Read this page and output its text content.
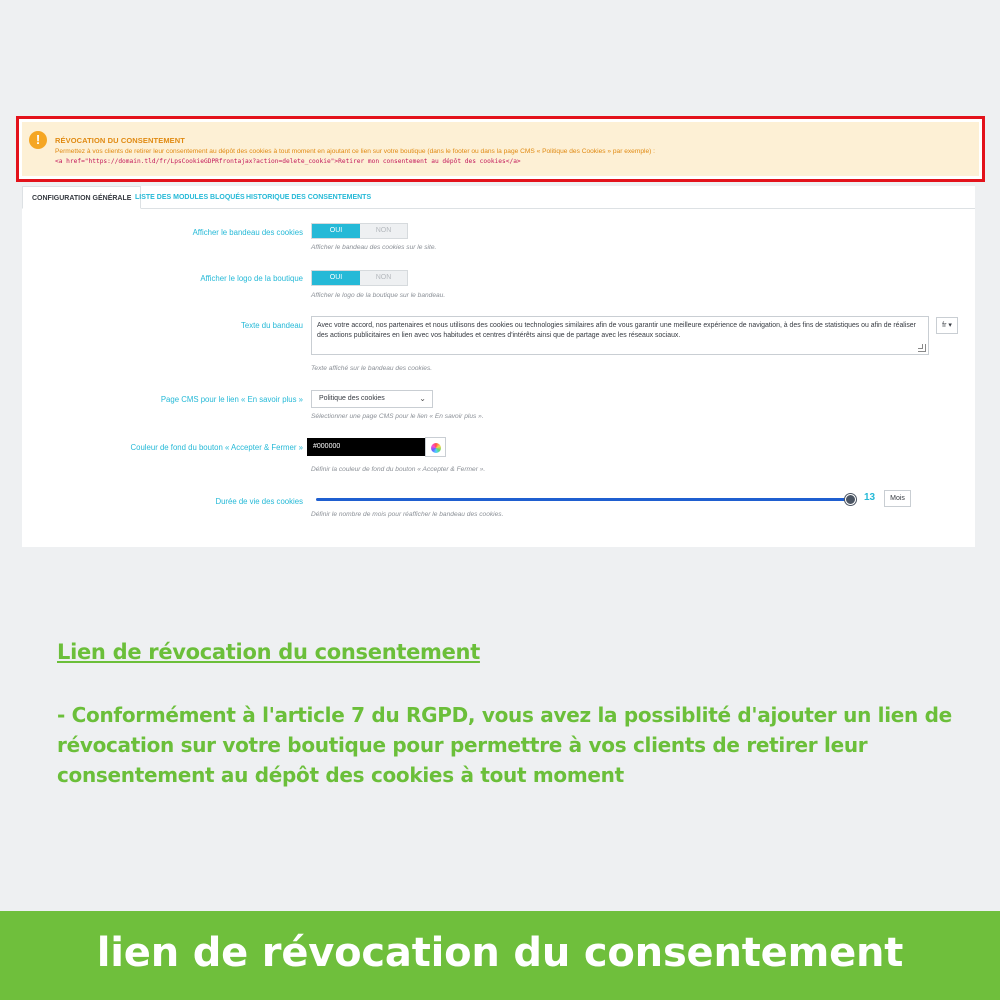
!	RÉVOCATION DU CONSENTEMENT
Permettez à vos clients de retirer leur consentement au dépôt des cookies à tout moment en ajoutant ce lien sur votre boutique (dans le footer ou dans la page CMS « Politique des Cookies » par exemple) :
<a href="https://domain.tld/fr/LpsCookieGDPRfrontajax?action=delete_cookie">Retirer mon consentement au dépôt des cookies</a>
CONFIGURATION GÉNÉRALE LISTE DES MODULES BLOQUÉS HISTORIQUE DES CONSENTEMENTS
Afficher le bandeau des cookies	OUI	NON
Afficher le bandeau des cookies sur le site.
Afficher le logo de la boutique	OUI	NON
Afficher le logo de la boutique sur le bandeau.
Texte du bandeau	Avec votre accord, nos partenaires et nous utilisons des cookies ou technologies similaires afin de vous garantir une meilleure expérience de navigation, à des fins de statistiques ou afin de réaliser des actions publicitaires en lien avec vos habitudes et centres d'intérêts ainsi que de partage avec les réseaux sociaux.
fr ▾
Texte affiché sur le bandeau des cookies.
Page CMS pour le lien « En savoir plus »	Politique des cookies	⌄
Sélectionner une page CMS pour le lien « En savoir plus ».
Couleur de fond du bouton « Accepter & Fermer »	#000000
Définir la couleur de fond du bouton « Accepter & Fermer ».
Durée de vie des cookies	13	Mois
Définir le nombre de mois pour réafficher le bandeau des cookies.
Lien de révocation du consentement
- Conformément à l'article 7 du RGPD, vous avez la possiblité d'ajouter un lien de révocation sur votre boutique pour permettre à vos clients de retirer leur consentement au dépôt des cookies à tout moment
lien de révocation du consentement
